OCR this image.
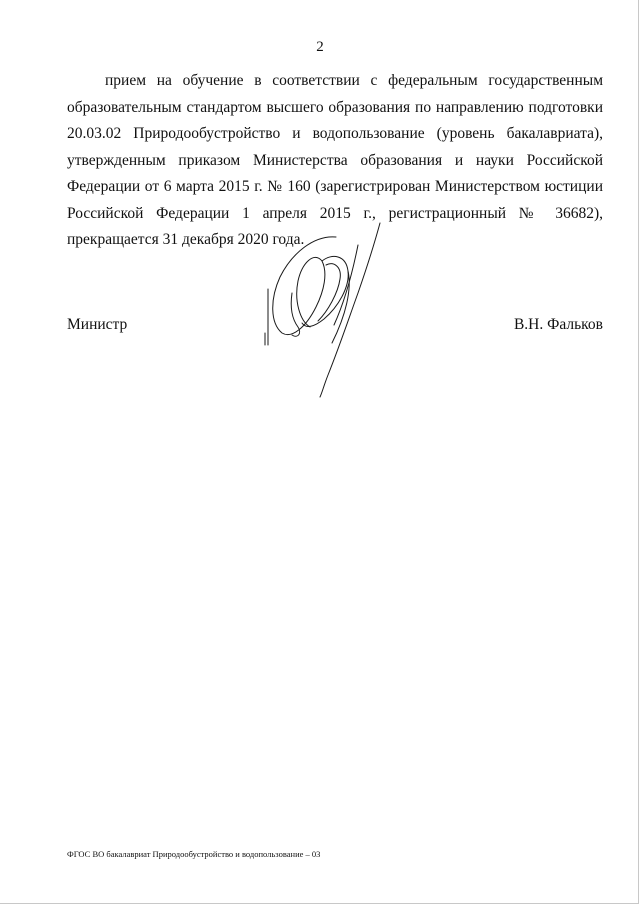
2
прием на обучение в соответствии с федеральным государственным
образовательным стандартом высшего образования по направлению подготовки
20.03.02 Природообустройство и водопользование (уровень бакалавриата),
утвержденным приказом Министерства образования и науки Российской
Федерации от 6 марта 2015 г. № 160 (зарегистрирован Министерством юстиции
Российской Федерации 1 апреля 2015 г., регистрационный № 36682),
прекращается 31 декабря 2020 года.
Министр	В.Н. Фальков
ФГОС ВО бакалавриат Природообустройство и водопользование – 03
